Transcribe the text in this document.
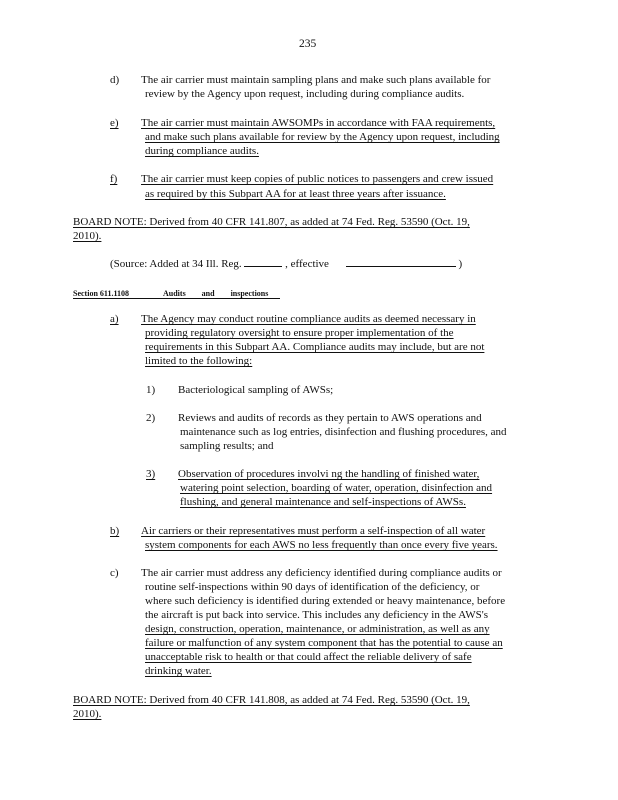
235
d) The air carrier must maintain sampling plans and make such plans available for
review by the Agency upon request, including during compliance audits.
e) The air carrier must maintain AWSOMPs in accordance with FAA requirements,
and make such plans available for review by the Agency upon request, including
during compliance audits.
f) The air carrier must keep copies of public notices to passengers and crew issued
as required by this Subpart AA for at least three years after issuance.
BOARD NOTE: Derived from 40 CFR 141.807, as added at 74 Fed. Reg. 53590 (Oct. 19,
2010).
(Source: Added at 34 Ill. Reg.	, effective	)
Section 611.1108	Audits and inspections
a) The Agency may conduct routine compliance audits as deemed necessary in
providing regulatory oversight to ensure proper implementation of the
requirements in this Subpart AA. Compliance audits may include, but are not
limited to the following:
1) Bacteriological sampling of AWSs;
2) Reviews and audits of records as they pertain to AWS operations and
maintenance such as log entries, disinfection and flushing procedures, and
sampling results; and
3) Observation of procedures involvi ng the handling of finished water,
watering point selection, boarding of water, operation, disinfection and
flushing, and general maintenance and self-inspections of AWSs.
b) Air carriers or their representatives must perform a self-inspection of all water
system components for each AWS no less frequently than once every five years.
c) The air carrier must address any deficiency identified during compliance audits or
routine self-inspections within 90 days of identification of the deficiency, or
where such deficiency is identified during extended or heavy maintenance, before
the aircraft is put back into service. This includes any deficiency in the AWS's
design, construction, operation, maintenance, or administration, as well as any
failure or malfunction of any system component that has the potential to cause an
unacceptable risk to health or that could affect the reliable delivery of safe
drinking water.
BOARD NOTE: Derived from 40 CFR 141.808, as added at 74 Fed. Reg. 53590 (Oct. 19,
2010).
